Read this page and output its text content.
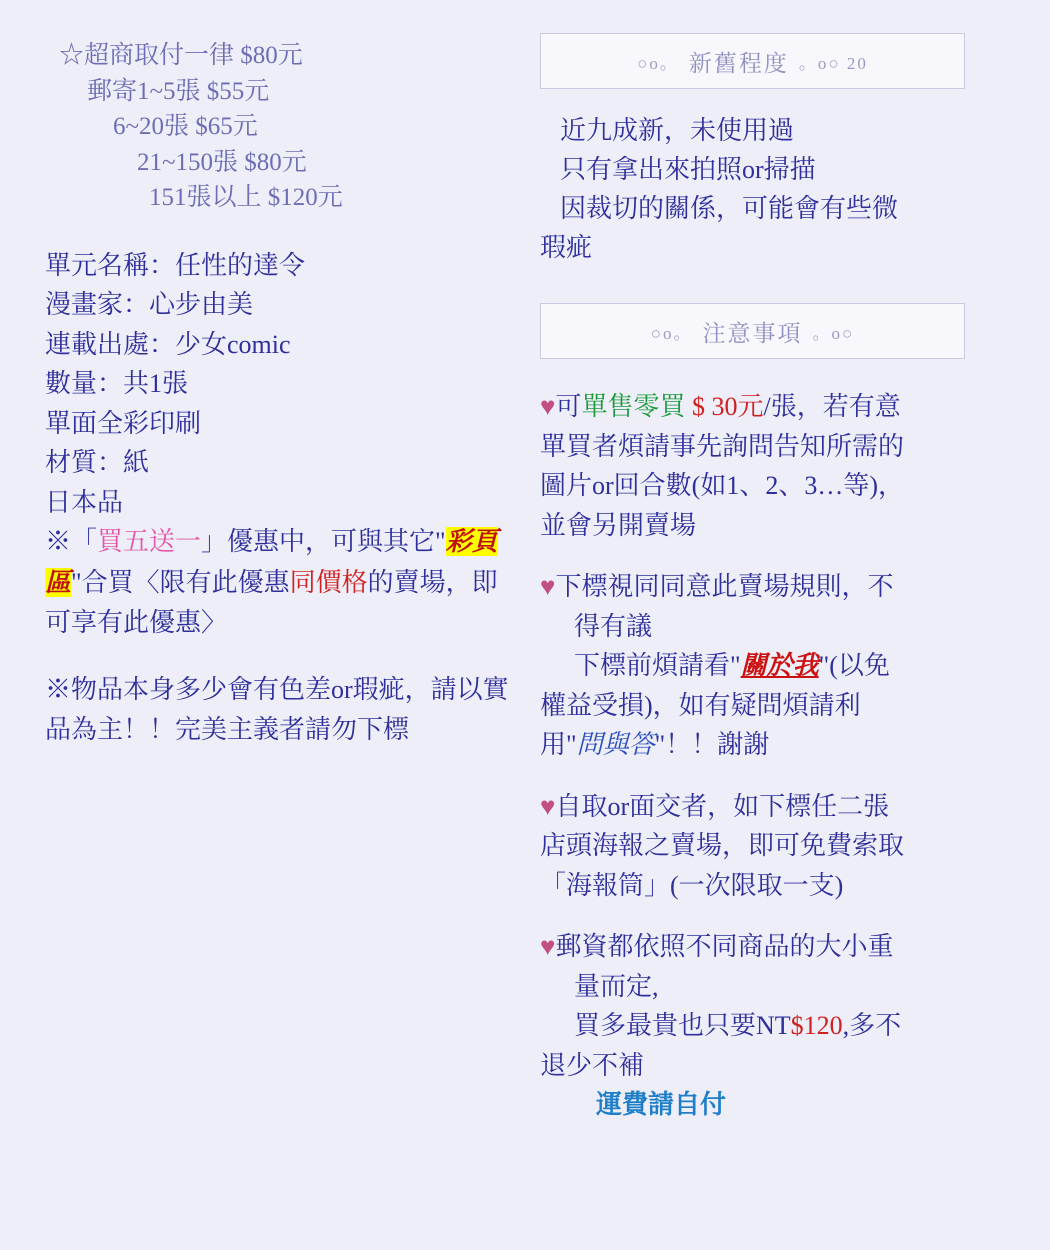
☆超商取付一律 $80元
郵寄1~5張 $55元
6~20張 $65元
21~150張 $80元
151張以上 $120元
單元名稱：任性的達令
漫畫家：心步由美
連載出處：少女comic
數量：共1張
單面全彩印刷
材質：紙
日本品
※「買五送一」優惠中，可與其它"彩頁區"合買〈限有此優惠同價格的賣場，即可享有此優惠〉
※物品本身多少會有色差or瑕疵，請以實品為主！！完美主義者請勿下標
○o。 新舊程度 。o○ 20

近九成新，未使用過

只有拿出來拍照or掃描

因裁切的關係，可能會有些微

瑕疵

○o。 注意事項 。o○
♥可單售零買 $ 30元/張，若有意
單買者煩請事先詢問告知所需的
圖片or回合數(如1、2、3…等)，
並會另開賣場
♥下標視同同意此賣場規則，不
得有議
下標前煩請看"關於我"(以免
權益受損)，如有疑問煩請利
用"問與答"！！謝謝
♥自取or面交者，如下標任二張
店頭海報之賣場，即可免費索取
「海報筒」(一次限取一支)
♥郵資都依照不同商品的大小重
量而定,
買多最貴也只要NT$120,多不
退少不補
運費請自付
